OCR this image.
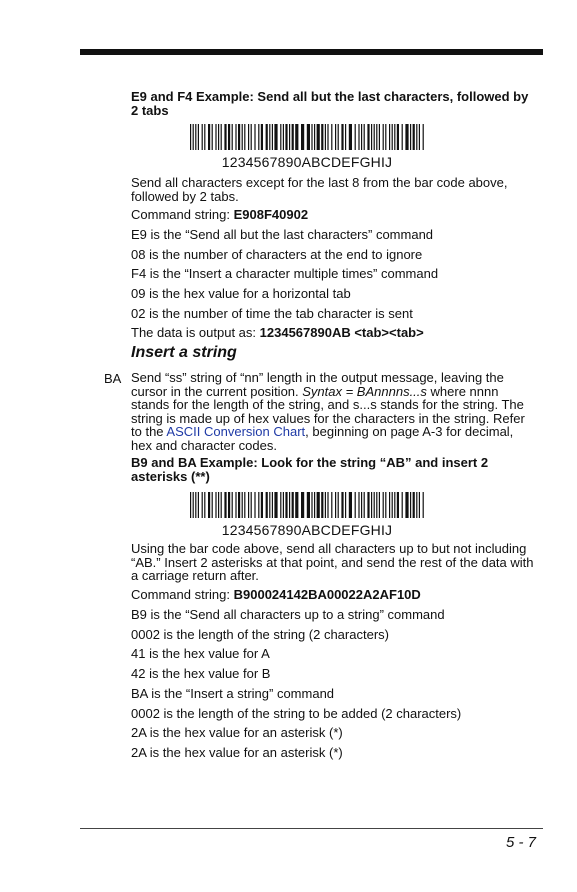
E9 and F4 Example: Send all but the last characters, followed by 2 tabs
1234567890ABCDEFGHIJ
Send all characters except for the last 8 from the bar code above, followed by 2 tabs.
Command string: E908F40902
E9 is the “Send all but the last characters” command
08 is the number of characters at the end to ignore
F4 is the “Insert a character multiple times” command
09 is the hex value for a horizontal tab
02 is the number of time the tab character is sent
The data is output as: 1234567890AB <tab><tab>
Insert a string
BA Send “ss” string of “nn” length in the output message, leaving the cursor in the current position. Syntax = BAnnnns...s where nnnn stands for the length of the string, and s...s stands for the string. The string is made up of hex values for the characters in the string. Refer to the ASCII Conversion Chart, beginning on page A-3 for decimal, hex and character codes.
B9 and BA Example: Look for the string “AB” and insert 2 asterisks (**)
1234567890ABCDEFGHIJ
Using the bar code above, send all characters up to but not including “AB.” Insert 2 asterisks at that point, and send the rest of the data with a carriage return after.
Command string: B900024142BA00022A2AF10D
B9 is the “Send all characters up to a string” command
0002 is the length of the string (2 characters)
41 is the hex value for A
42 is the hex value for B
BA is the “Insert a string” command
0002 is the length of the string to be added (2 characters)
2A is the hex value for an asterisk (*)
2A is the hex value for an asterisk (*)
5 - 7
